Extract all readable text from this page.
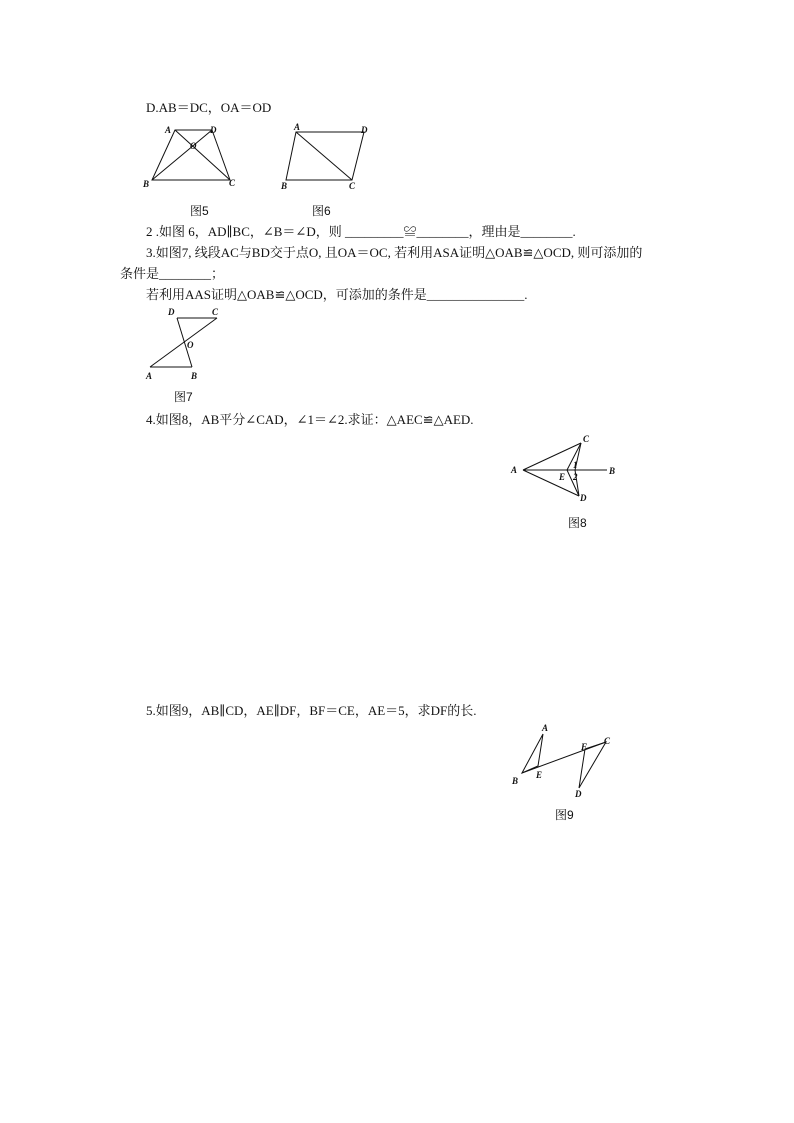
D.AB＝DC，OA＝OD
A	D
O
B	C
图5
A	D
B	C
图6
2 .如图 6，AD∥BC，∠B＝∠D，则 _________≌________，理由是________.
3.如图7, 线段AC与BD交于点O, 且OA＝OC, 若利用ASA证明△OAB≌△OCD, 则可添加的
条件是________；
若利用AAS证明△OAB≌△OCD，可添加的条件是_______________.
D	C
O
A	B
图7
4.如图8，AB平分∠CAD，∠1＝∠2.求证：△AEC≌△AED.
C
A	B
E
1
2
D
图8
5.如图9，AB∥CD，AE∥DF，BF＝CE，AE＝5，求DF的长.
A
F
C
B
E
D
图9
